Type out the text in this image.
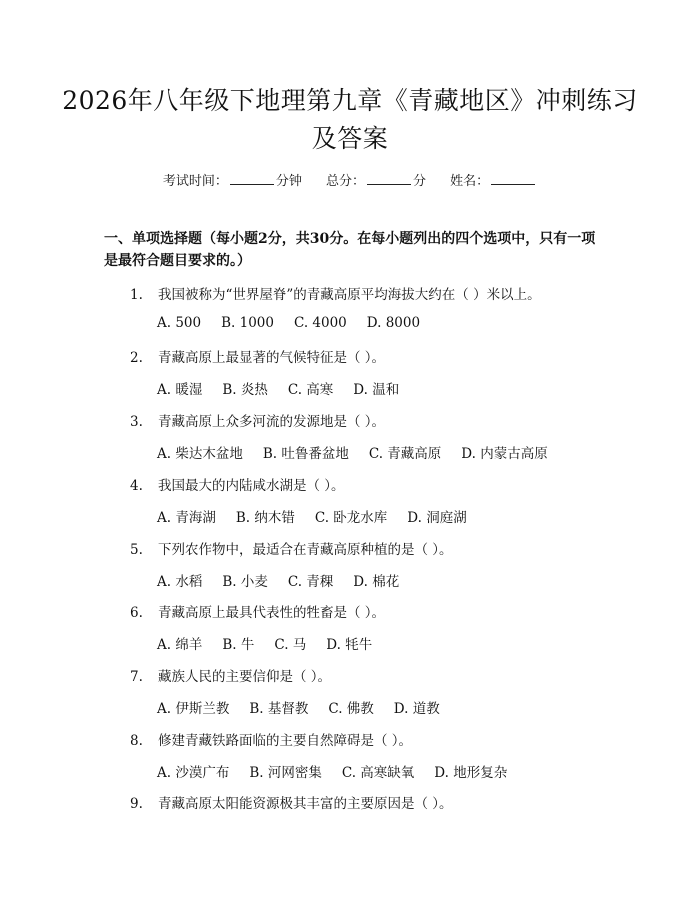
2026年八年级下地理第九章《青藏地区》冲刺练习及答案
考试时间：	分钟 总分：	分 姓名：
一、单项选择题（每小题2分，共30分。在每小题列出的四个选项中，只有一项是最符合题目要求的。）
1. 我国被称为“世界屋脊”的青藏高原平均海拔大约在（ ）米以上。
A. 500 B. 1000 C. 4000 D. 8000
2. 青藏高原上最显著的气候特征是（ ）。
A. 暖湿 B. 炎热 C. 高寒 D. 温和
3. 青藏高原上众多河流的发源地是（ ）。
A. 柴达木盆地 B. 吐鲁番盆地 C. 青藏高原 D. 内蒙古高原
4. 我国最大的内陆咸水湖是（ ）。
A. 青海湖 B. 纳木错 C. 卧龙水库 D. 洞庭湖
5. 下列农作物中，最适合在青藏高原种植的是（ ）。
A. 水稻 B. 小麦 C. 青稞 D. 棉花
6. 青藏高原上最具代表性的牲畜是（ ）。
A. 绵羊 B. 牛 C. 马 D. 牦牛
7. 藏族人民的主要信仰是（ ）。
A. 伊斯兰教 B. 基督教 C. 佛教 D. 道教
8. 修建青藏铁路面临的主要自然障碍是（ ）。
A. 沙漠广布 B. 河网密集 C. 高寒缺氧 D. 地形复杂
9. 青藏高原太阳能资源极其丰富的主要原因是（ ）。
